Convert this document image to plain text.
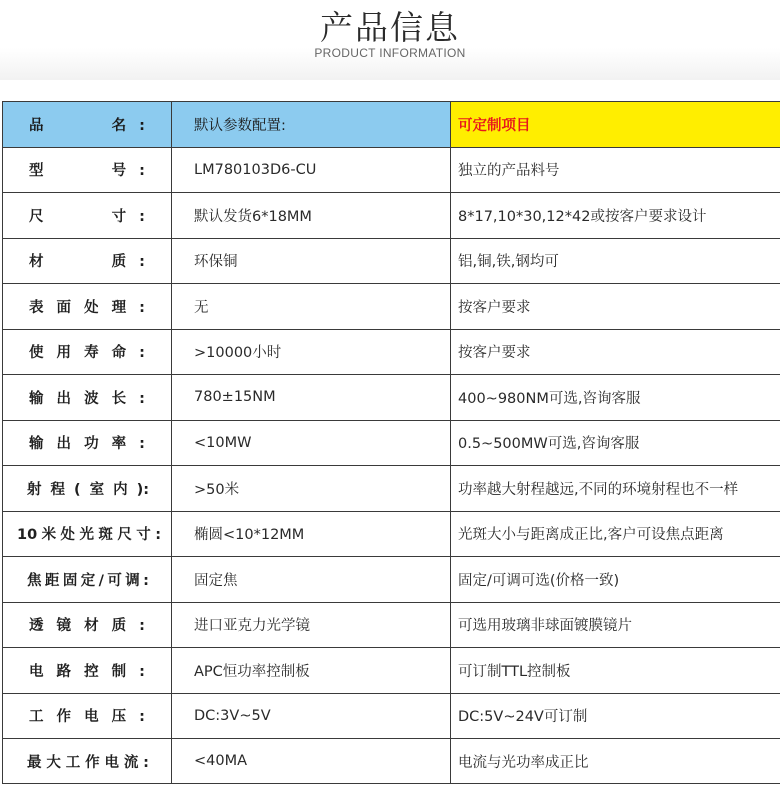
产品信息
PRODUCT INFORMATION
品　　名:	默认参数配置:	可定制项目

型　　号:	LM780103D6-CU	独立的产品料号

尺　　寸:	默认发货6*18MM	8*17,10*30,12*42或按客户要求设计

材　　质:	环保铜	铝,铜,铁,钢均可

表面处理:	无	按客户要求

使用寿命:	>10000小时	按客户要求

输出波长:	780±15NM	400~980NM可选,咨询客服

输出功率:	<10MW	0.5~500MW可选,咨询客服

射程(室内):	>50米	功率越大射程越远,不同的环境射程也不一样

10米处光斑尺寸:	椭圆<10*12MM	光斑大小与距离成正比,客户可设焦点距离

焦距固定/可调:	固定焦	固定/可调可选(价格一致)

透镜材质:	进口亚克力光学镜	可选用玻璃非球面镀膜镜片

电路控制:	APC恒功率控制板	可订制TTL控制板

工作电压:	DC:3V~5V	DC:5V~24V可订制

最大工作电流:	<40MA	电流与光功率成正比
